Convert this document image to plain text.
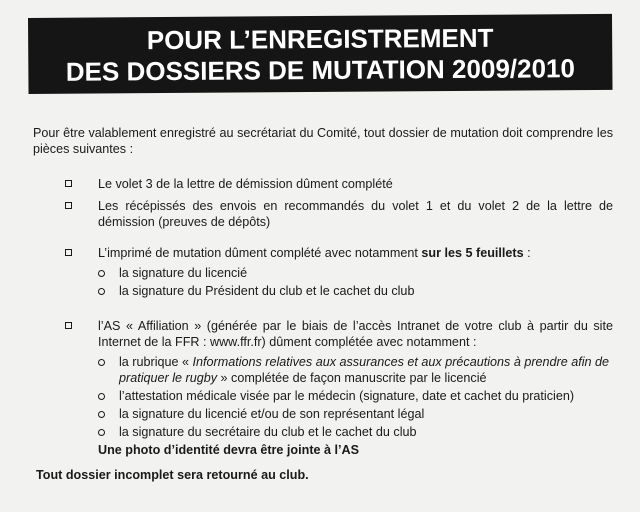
POUR L’ENREGISTREMENT
DES DOSSIERS DE MUTATION 2009/2010
Pour être valablement enregistré au secrétariat du Comité, tout dossier de mutation doit comprendre les pièces suivantes :
Le volet 3 de la lettre de démission dûment complété
Les récépissés des envois en recommandés du volet 1 et du volet 2 de la lettre de démission (preuves de dépôts)
L’imprimé de mutation dûment complété avec notamment sur les 5 feuillets :
la signature du licencié
la signature du Président du club et le cachet du club
l’AS « Affiliation » (générée par le biais de l’accès Intranet de votre club à partir du site Internet de la FFR : www.ffr.fr) dûment complétée avec notamment :
la rubrique « Informations relatives aux assurances et aux précautions à prendre afin de pratiquer le rugby » complétée de façon manuscrite par le licencié
l’attestation médicale visée par le médecin (signature, date et cachet du praticien)
la signature du licencié et/ou de son représentant légal
la signature du secrétaire du club et le cachet du club
Une photo d’identité devra être jointe à l’AS
Tout dossier incomplet sera retourné au club.
